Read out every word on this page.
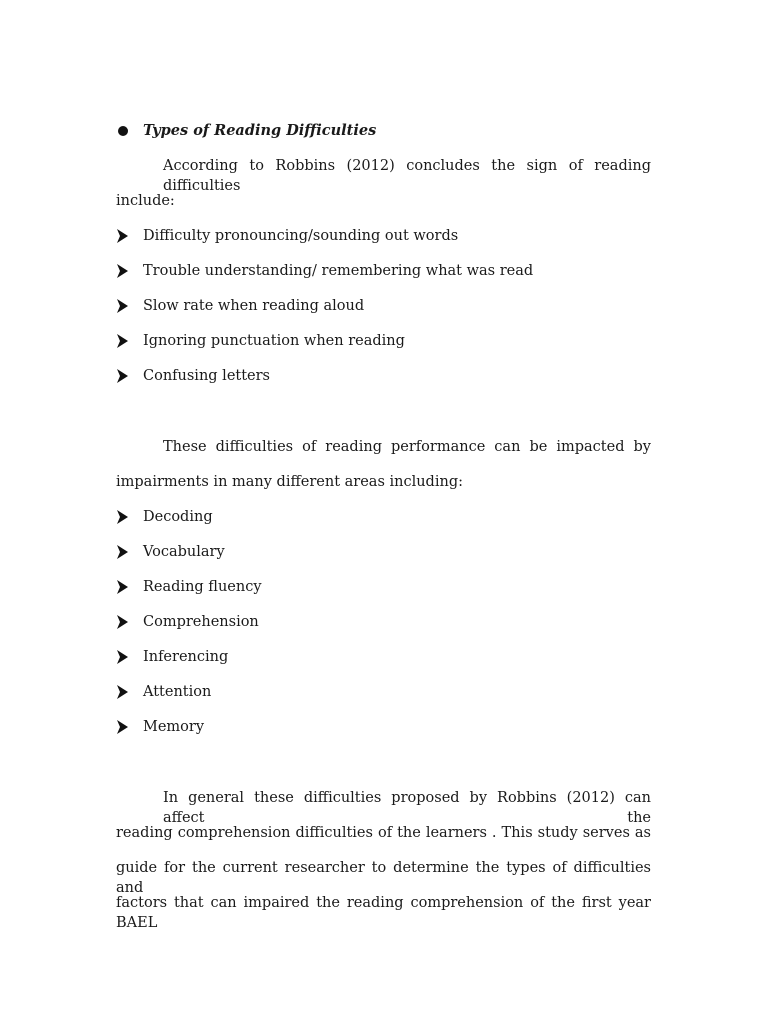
Types of Reading Difficulties
According to Robbins (2012) concludes the sign of reading difficulties
include:
Difficulty pronouncing/sounding out words
Trouble understanding/ remembering what was read
Slow rate when reading aloud
Ignoring punctuation when reading
Confusing letters
These difficulties of reading performance can be impacted by
impairments in many different areas including:
Decoding
Vocabulary
Reading fluency
Comprehension
Inferencing
Attention
Memory
In general these difficulties proposed by Robbins (2012) can affect the
reading comprehension difficulties of the learners . This study serves as
guide for the current researcher to determine the types of difficulties and
factors that can impaired the reading comprehension of the first year BAEL
